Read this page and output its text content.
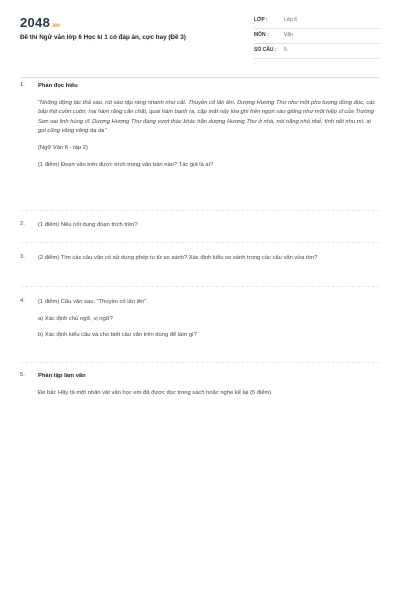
2048.vn
Đề thi Ngữ văn lớp 6 Học kì 1 có đáp án, cực hay (Đề 3)
LỚP :	Lớp 6
MÔN :	Văn
SỐ CÂU : 5
1. Phần đọc hiểu

“Những động tác thả sào, rút sào rập ràng nhanh như cắt. Thuyền cố lấn lên. Dượng Hương Thư như một pho tượng đồng đúc, các bắp thịt cuồn cuộn, hai hàm răng cắn chặt, quai hàm bạnh ra, cặp mắt nảy lửa ghì trên ngọn sào giống như một hiệp sĩ của Trường Sơn oai linh hùng vĩ. Dượng Hương Thư đang vượt thác khác hẳn dượng Hương Thư ở nhà, nói năng nhỏ nhẻ, tính nết nhu mì, ai gọi cũng vâng vâng dạ dạ”

(Ngữ Văn 6 - tập 2)

(1 điểm) Đoạn văn trên được trích trong văn bản nào? Tác giả là ai?

2. (1 điểm) Nêu nội dung đoạn trích trên?

3. (2 điểm) Tìm các câu văn có sử dụng phép tu từ so sánh? Xác định kiểu so sánh trong các câu văn vừa tìm?

4. (1 điểm) Câu văn sau: “Thuyền cố lấn lên”.

a) Xác định chủ ngữ, vị ngữ?

b) Xác định kiểu câu và cho biết câu văn trên dùng để làm gì?

5. Phần tập làm văn

Đề bài: Hãy tả một nhân vật văn học em đã được đọc trong sách hoặc nghe kể lại (5 điểm)
